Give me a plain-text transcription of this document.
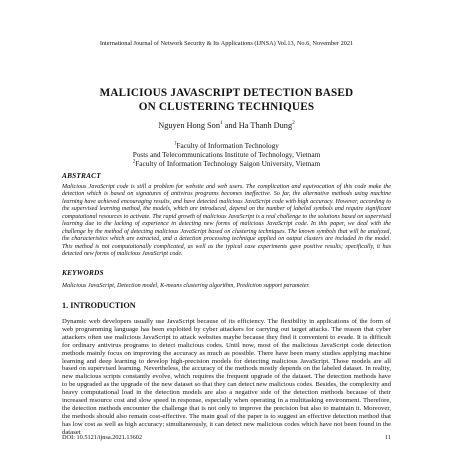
International Journal of Network Security & Its Applications (IJNSA) Vol.13, No.6, November 2021
MALICIOUS JAVASCRIPT DETECTION BASED
ON CLUSTERING TECHNIQUES
Nguyen Hong Son$^1$ and Ha Thanh Dung$^2$
$^1$Faculty of Information Technology
Posts and Telecommunications Institute of Technology, Vietnam
$^2$Faculty of Information Technology Saigon University, Vietnam
ABSTRACT
Malicious JavaScript code is still a problem for website and web users. The complication and equivocation of this code make the detection which is based on signatures of antivirus programs becomes ineffective. So far, the alternative methods using machine learning have achieved encouraging results, and have detected malicious JavaScript code with high accuracy. However, according to the supervised learning method, the models, which are introduced, depend on the number of labeled symbols and require significant computational resources to activate. The rapid growth of malicious JavaScript is a real challenge to the solutions based on supervised learning due to the lacking of experience in detecting new forms of malicious JavaScript code. In this paper, we deal with the challenge by the method of detecting malicious JavaScript based on clustering techniques. The known symbols that will be analyzed, the characteristics which are extracted, and a detection processing technique applied on output clusters are included in the model. This method is not computationally complicated, as well as the typical case experiments gave positive results; specifically, it has detected new forms of malicious JavaScript code.
KEYWORDS
Malicious JavaScript, Detection model, K-means clustering algorithm, Prediction support parameter.
1. INTRODUCTION
Dynamic web developers usually use JavaScript because of its efficiency. The flexibility in applications of the form of web programming language has been exploited by cyber attackers for carrying out target attacks. The reason that cyber attackers often use malicious JavaScript to attack websites maybe because they find it convenient to evade. It is difficult for ordinary antivirus programs to detect malicious codes. Until now, most of the malicious JavaScript code detection methods mainly focus on improving the accuracy as much as possible. There have been many studies applying machine learning and deep learning to develop high-precision models for detecting malicious JavaScript. Those models are all based on supervised learning. Nevertheless, the accuracy of the methods mostly depends on the labeled dataset. In reality, new malicious scripts constantly evolve, which requires the frequent upgrade of the dataset. The detection methods have to be upgraded as the upgrade of the new dataset so that they can detect new malicious codes. Besides, the complexity and heavy computational load in the detection models are also a negative side of the detection methods because of their increased resource cost and slow speed in response, especially when operating in a multitasking environment. Therefore, the detection methods encounter the challenge that is not only to improve the precision but also to maintain it. Moreover, the methods should also remain cost-effective. The main goal of the paper is to suggest an effective detection method that has low cost as well as high accuracy; simultaneously, it can detect new malicious codes which have not been found in the dataset
DOI: 10.5121/ijnsa.2021.13602	11
